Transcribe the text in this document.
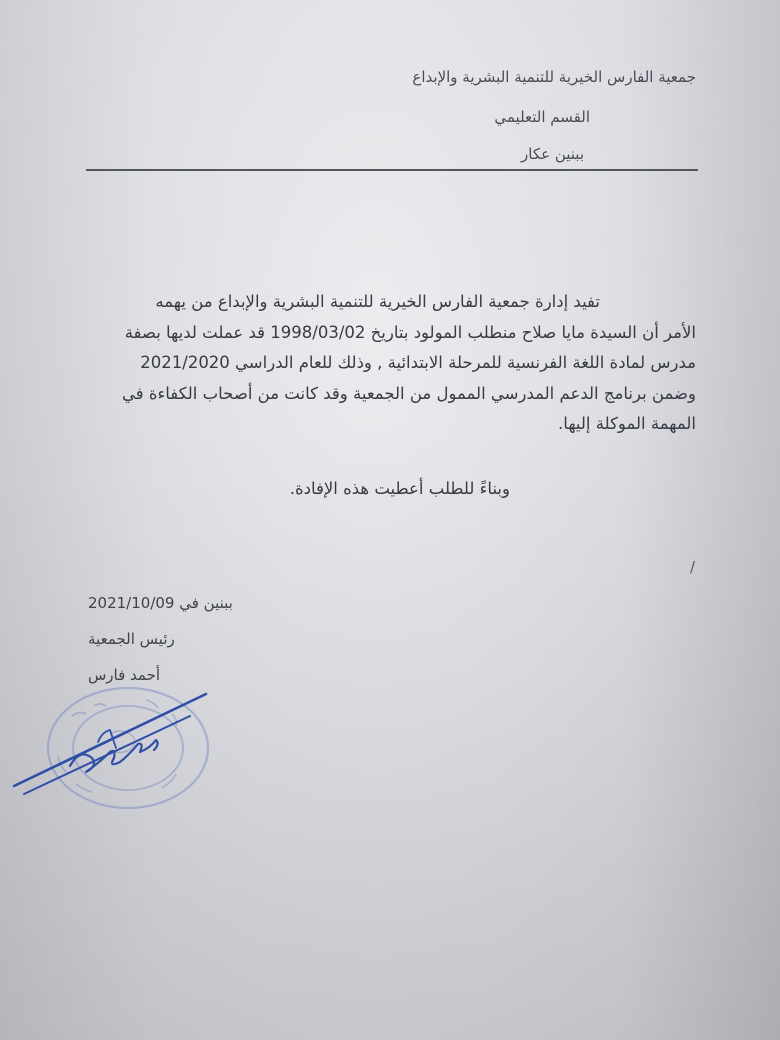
جمعية الفارس الخيرية للتنمية البشرية والإبداع
القسم التعليمي
ببنين عكار
تفيد إدارة جمعية الفارس الخيرية للتنمية البشرية والإبداع من يهمه
الأمر أن السيدة مايا صلاح منطلب المولود بتاريخ 1998/03/02 قد عملت لديها بصفة
مدرس لمادة اللغة الفرنسية للمرحلة الابتدائية , وذلك للعام الدراسي 2021/2020
وضمن برنامج الدعم المدرسي الممول من الجمعية وقد كانت من أصحاب الكفاءة في
المهمة الموكلة إليها.
وبناءً للطلب أعطيت هذه الإفادة.
/
ببنين في 2021/10/09
رئيس الجمعية
أحمد فارس
